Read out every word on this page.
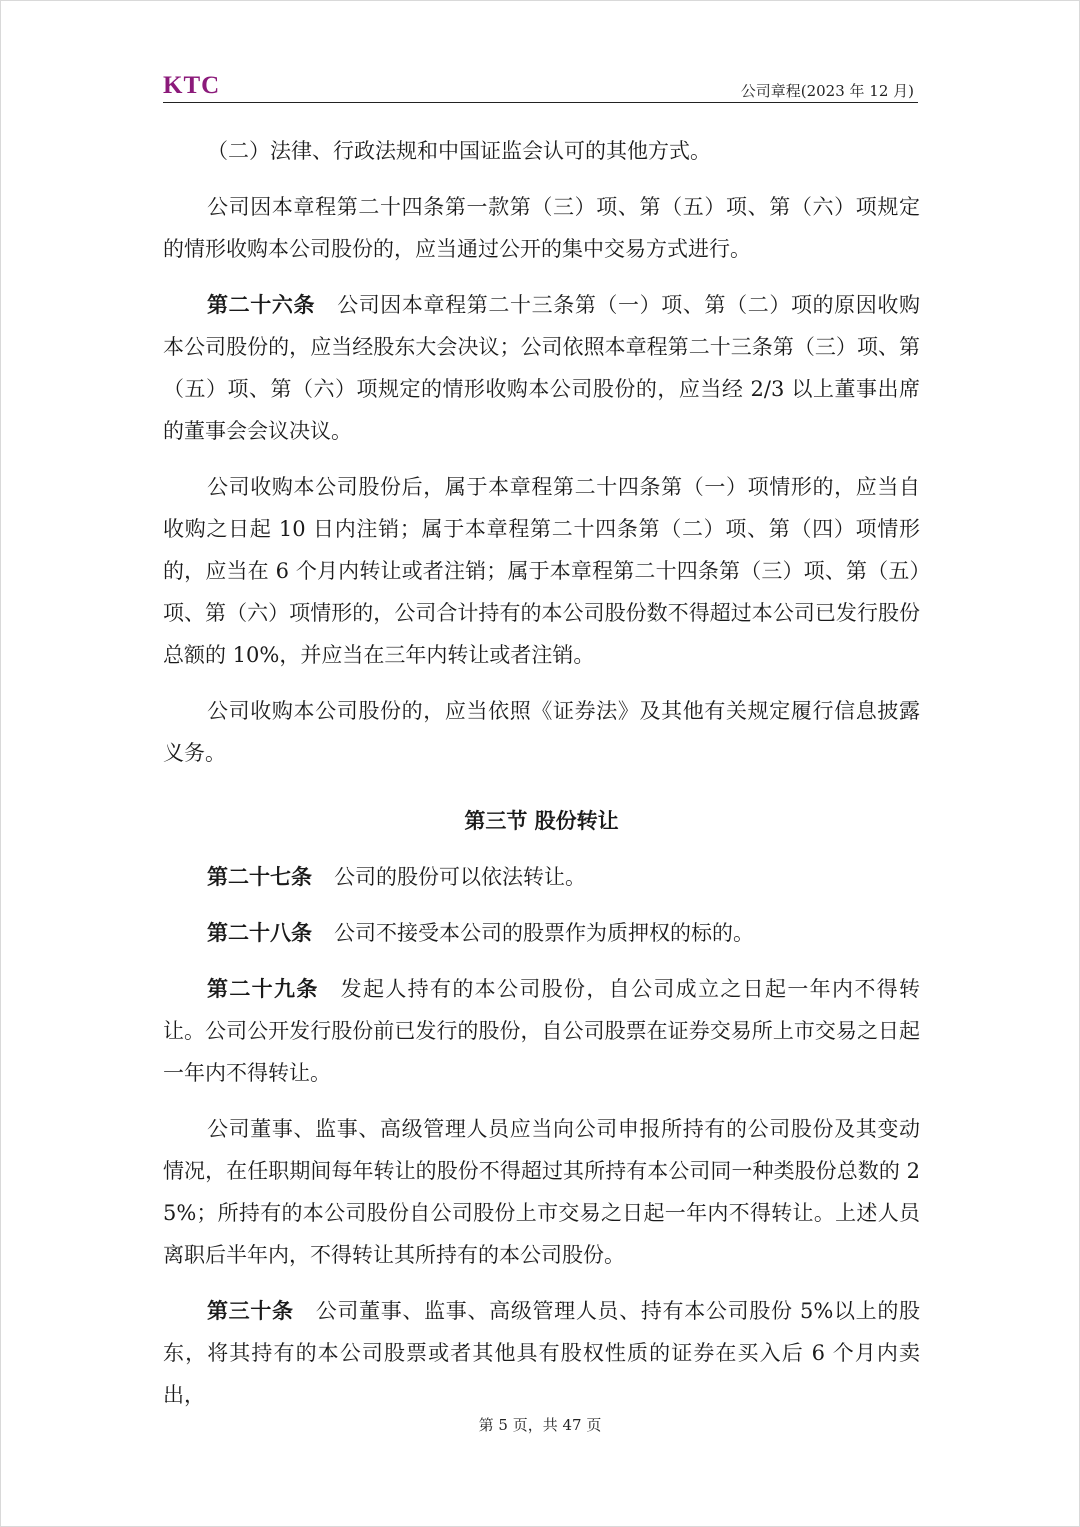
KTC	公司章程(2023 年 12 月)

（二）法律、行政法规和中国证监会认可的其他方式。

公司因本章程第二十四条第一款第（三）项、第（五）项、第（六）项规定的情形收购本公司股份的，应当通过公开的集中交易方式进行。

第二十六条 公司因本章程第二十三条第（一）项、第（二）项的原因收购本公司股份的，应当经股东大会决议；公司依照本章程第二十三条第（三）项、第（五）项、第（六）项规定的情形收购本公司股份的，应当经 2/3 以上董事出席的董事会会议决议。

公司收购本公司股份后，属于本章程第二十四条第（一）项情形的，应当自收购之日起 10 日内注销；属于本章程第二十四条第（二）项、第（四）项情形的，应当在 6 个月内转让或者注销；属于本章程第二十四条第（三）项、第（五）项、第（六）项情形的，公司合计持有的本公司股份数不得超过本公司已发行股份总额的 10%，并应当在三年内转让或者注销。

公司收购本公司股份的，应当依照《证券法》及其他有关规定履行信息披露义务。

第三节 股份转让

第二十七条 公司的股份可以依法转让。

第二十八条 公司不接受本公司的股票作为质押权的标的。

第二十九条 发起人持有的本公司股份，自公司成立之日起一年内不得转让。公司公开发行股份前已发行的股份，自公司股票在证券交易所上市交易之日起一年内不得转让。

公司董事、监事、高级管理人员应当向公司申报所持有的公司股份及其变动情况，在任职期间每年转让的股份不得超过其所持有本公司同一种类股份总数的 25%；所持有的本公司股份自公司股份上市交易之日起一年内不得转让。上述人员离职后半年内，不得转让其所持有的本公司股份。

第三十条 公司董事、监事、高级管理人员、持有本公司股份 5%以上的股东，将其持有的本公司股票或者其他具有股权性质的证券在买入后 6 个月内卖出，

第 5 页，共 47 页
